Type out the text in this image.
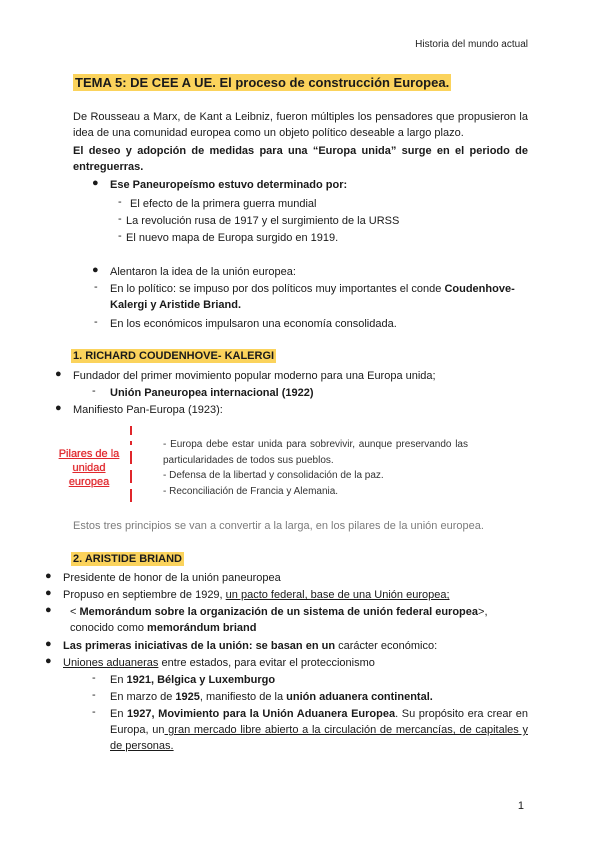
Historia del mundo actual
TEMA 5: DE CEE A UE. El proceso de construcción Europea.
De Rousseau a Marx, de Kant a Leibniz, fueron múltiples los pensadores que propusieron la idea de una comunidad europea como un objeto político deseable a largo plazo.
El deseo y adopción de medidas para una “Europa unida” surge en el periodo de entreguerras.
● Ese Paneuropeísmo estuvo determinado por:
- El efecto de la primera guerra mundial
- La revolución rusa de 1917 y el surgimiento de la URSS
- El nuevo mapa de Europa surgido en 1919.
● Alentaron la idea de la unión europea:
- En lo político: se impuso por dos políticos muy importantes el conde Coudenhove-Kalergi y Aristide Briand.
- En los económicos impulsaron una economía consolidada.
1. RICHARD COUDENHOVE- KALERGI
● Fundador del primer movimiento popular moderno para una Europa unida;
- Unión Paneuropea internacional (1922)
● Manifiesto Pan-Europa (1923):
Pilares de la unidad europea
- Europa debe estar unida para sobrevivir, aunque preservando las particularidades de todos sus pueblos.
- Defensa de la libertad y consolidación de la paz.
- Reconciliación de Francia y Alemania.
Estos tres principios se van a convertir a la larga, en los pilares de la unión europea.
2. ARISTIDE BRIAND
● Presidente de honor de la unión paneuropea
● Propuso en septiembre de 1929, un pacto federal, base de una Unión europea;
● < Memorándum sobre la organización de un sistema de unión federal europea>, conocido como memorándum briand
● Las primeras iniciativas de la unión: se basan en un carácter económico:
● Uniones aduaneras entre estados, para evitar el proteccionismo
- En 1921, Bélgica y Luxemburgo
- En marzo de 1925, manifiesto de la unión aduanera continental.
- En 1927, Movimiento para la Unión Aduanera Europea. Su propósito era crear en Europa, un gran mercado libre abierto a la circulación de mercancías, de capitales y de personas.
1
